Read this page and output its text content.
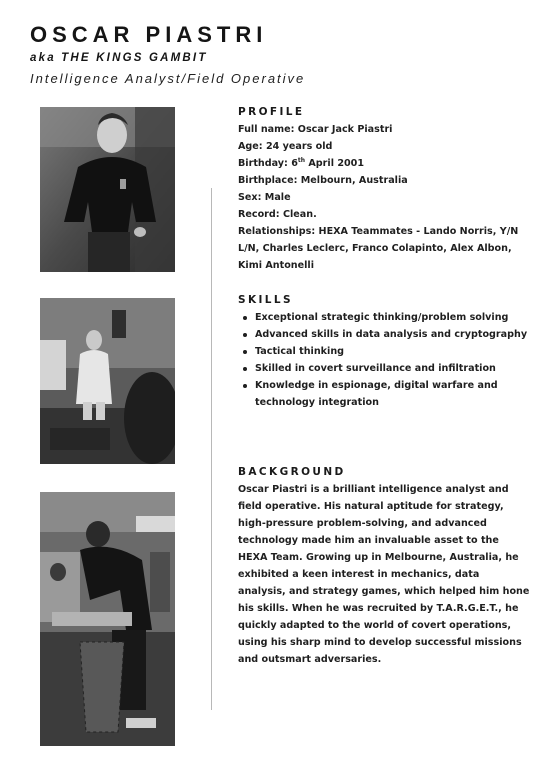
OSCAR PIASTRI
aka THE KINGS GAMBIT
Intelligence Analyst/Field Operative
PROFILE
Full name: Oscar Jack Piastri
Age: 24 years old
Birthday: 6th April 2001
Birthplace: Melbourn, Australia
Sex: Male
Record: Clean.
Relationships: HEXA Teammates - Lando Norris, Y/N L/N, Charles Leclerc, Franco Colapinto, Alex Albon, Kimi Antonelli
SKILLS
Exceptional strategic thinking/problem solving
Advanced skills in data analysis and cryptography
Tactical thinking
Skilled in covert surveillance and infiltration
Knowledge in espionage, digital warfare and technology integration
BACKGROUND
Oscar Piastri is a brilliant intelligence analyst and field operative. His natural aptitude for strategy, high-pressure problem-solving, and advanced technology made him an invaluable asset to the HEXA Team. Growing up in Melbourne, Australia, he exhibited a keen interest in mechanics, data analysis, and strategy games, which helped him hone his skills. When he was recruited by T.A.R.G.E.T., he quickly adapted to the world of covert operations, using his sharp mind to develop successful missions and outsmart adversaries.
